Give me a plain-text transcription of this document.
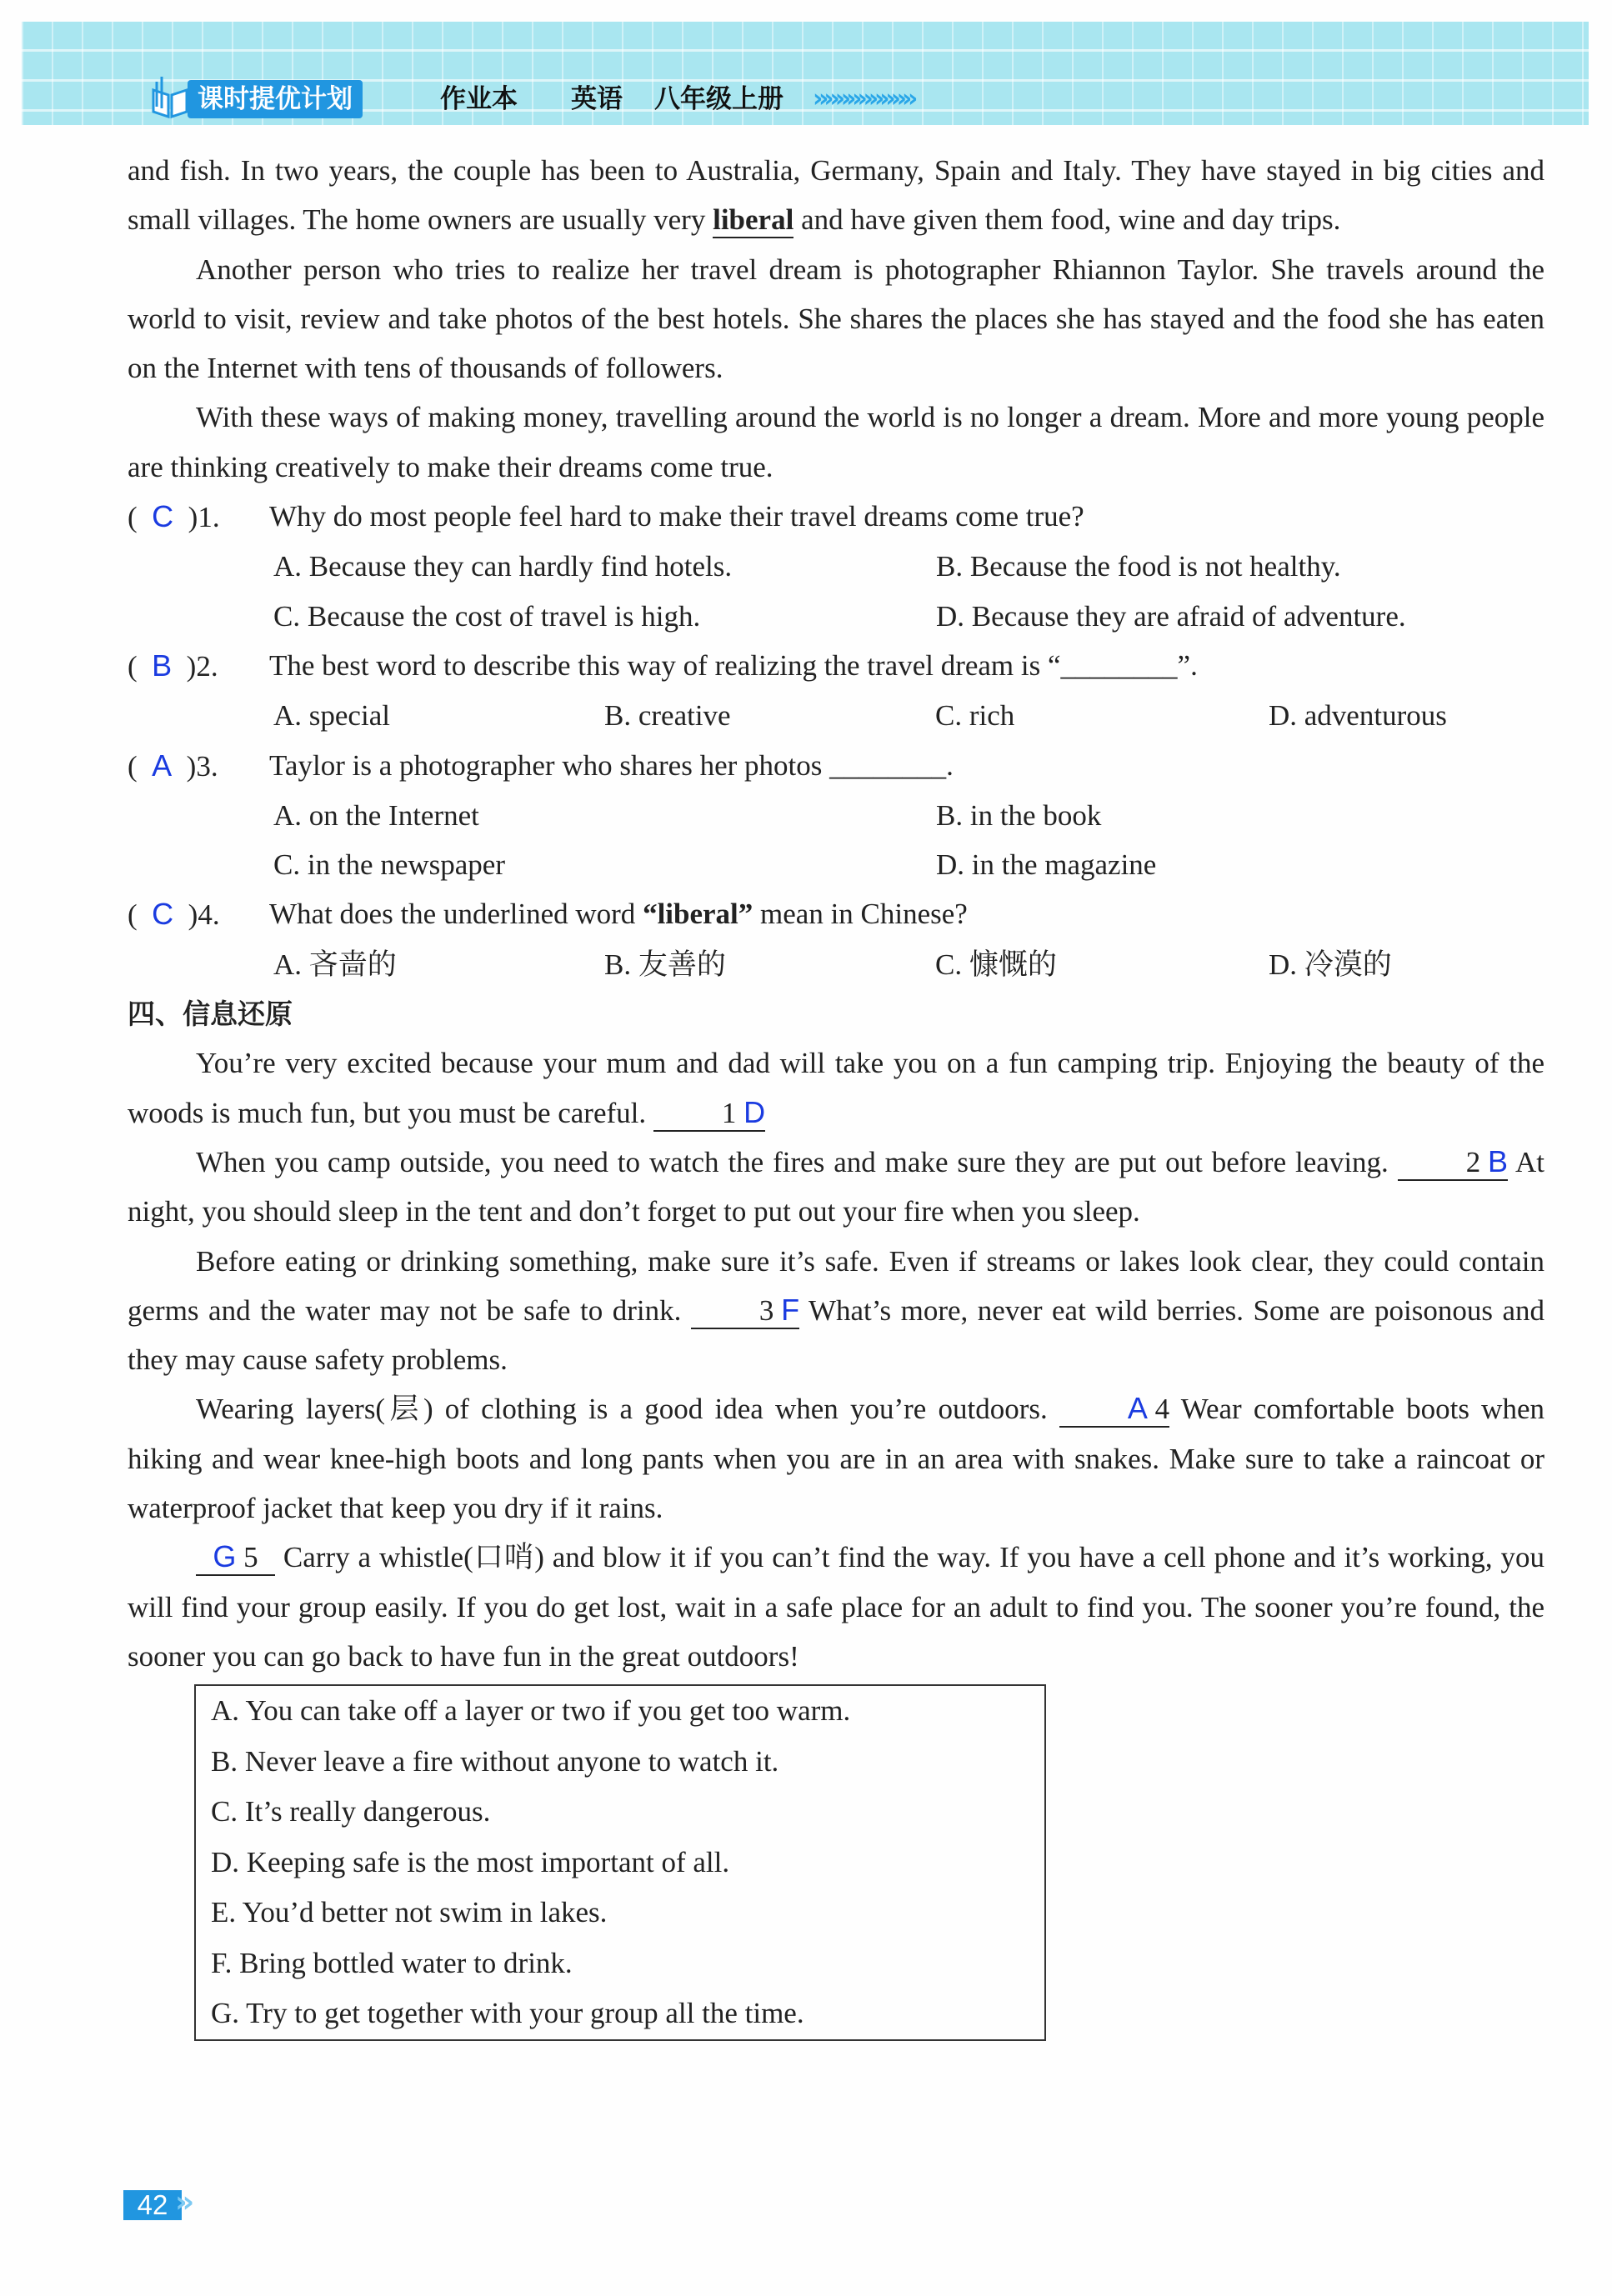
课时提优计划	作业本 英语 八年级上册 »»»»»»»»»

and fish. In two years, the couple has been to Australia, Germany, Spain and Italy. They have stayed in big cities and small villages. The home owners are usually very liberal and have given them food, wine and day trips.

Another person who tries to realize her travel dream is photographer Rhiannon Taylor. She travels around the world to visit, review and take photos of the best hotels. She shares the places she has stayed and the food she has eaten on the Internet with tens of thousands of followers.

With these ways of making money, travelling around the world is no longer a dream. More and more young people are thinking creatively to make their dreams come true.

(  C  )1.	Why do most people feel hard to make their travel dreams come true?
A. Because they can hardly find hotels.	B. Because the food is not healthy.
C. Because the cost of travel is high.	D. Because they are afraid of adventure.
(  B  )2.	The best word to describe this way of realizing the travel dream is “________”.
A. special	B. creative	C. rich	D. adventurous
(  A  )3.	Taylor is a photographer who shares her photos ________.
A. on the Internet	B. in the book
C. in the newspaper	D. in the magazine
(  C  )4.	What does the underlined word “liberal” mean in Chinese?
A. 吝啬的	B. 友善的	C. 慷慨的	D. 冷漠的
四、信息还原

You’re very excited because your mum and dad will take you on a fun camping trip. Enjoying the beauty of the woods is much fun, but you must be careful. 1 D

When you camp outside, you need to watch the fires and make sure they are put out before leaving. 2 B At night, you should sleep in the tent and don’t forget to put out your fire when you sleep.

Before eating or drinking something, make sure it’s safe. Even if streams or lakes look clear, they could contain germs and the water may not be safe to drink. 3 F What’s more, never eat wild berries. Some are poisonous and they may cause safety problems.

Wearing layers(层) of clothing is a good idea when you’re outdoors. A 4 Wear comfortable boots when hiking and wear knee-high boots and long pants when you are in an area with snakes. Make sure to take a raincoat or waterproof jacket that keep you dry if it rains.

G 5 Carry a whistle(口哨) and blow it if you can’t find the way. If you have a cell phone and it’s working, you will find your group easily. If you do get lost, wait in a safe place for an adult to find you. The sooner you’re found, the sooner you can go back to have fun in the great outdoors!

A. You can take off a layer or two if you get too warm.
B. Never leave a fire without anyone to watch it.
C. It’s really dangerous.
D. Keeping safe is the most important of all.
E. You’d better not swim in lakes.
F. Bring bottled water to drink.
G. Try to get together with your group all the time.
42 »
